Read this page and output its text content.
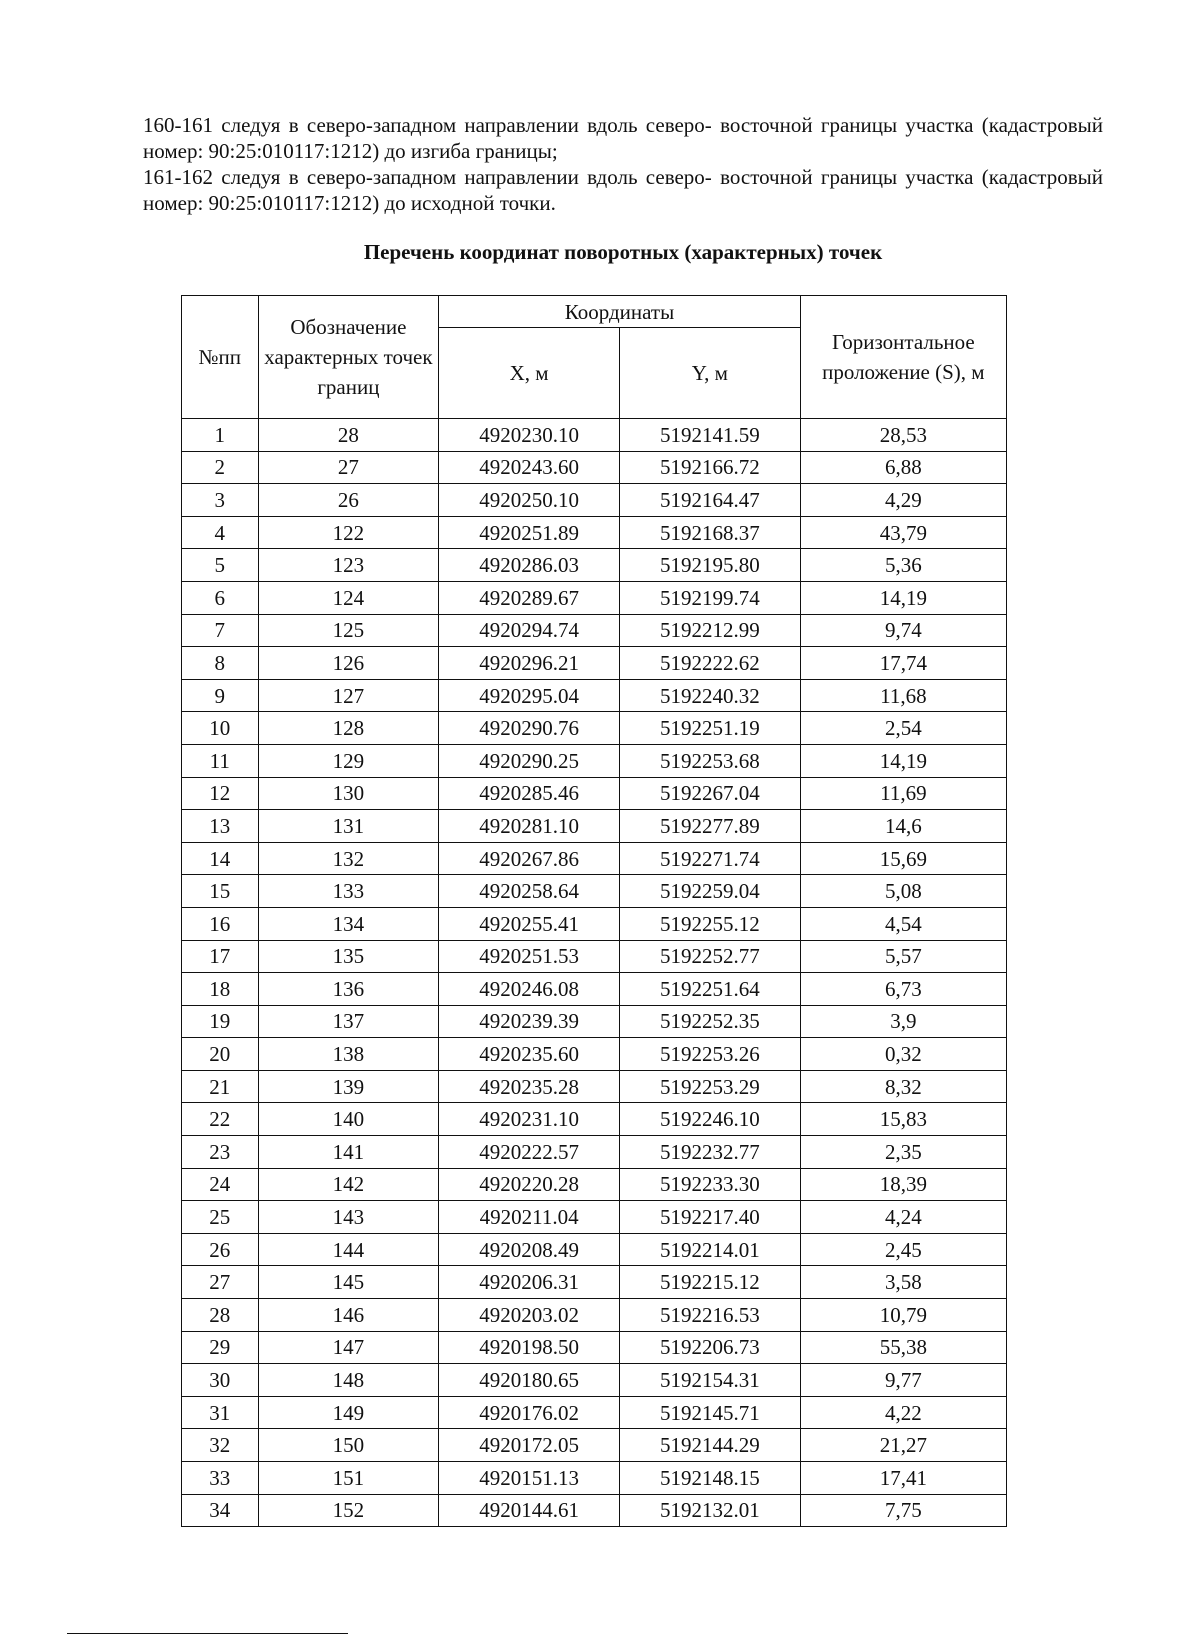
160-161 следуя в северо-западном направлении вдоль северо- восточной границы участка (кадастровый номер: 90:25:010117:1212) до изгиба границы;

161-162 следуя в северо-западном направлении вдоль северо- восточной границы участка (кадастровый номер: 90:25:010117:1212) до исходной точки.

Перечень координат поворотных (характерных) точек
№пп	Обозначение характерных точек границ	Координаты		Горизонтальное проложение (S), м
		X, м	Y, м	
1	28	4920230.10	5192141.59	28,53
2	27	4920243.60	5192166.72	6,88
3	26	4920250.10	5192164.47	4,29
4	122	4920251.89	5192168.37	43,79
5	123	4920286.03	5192195.80	5,36
6	124	4920289.67	5192199.74	14,19
7	125	4920294.74	5192212.99	9,74
8	126	4920296.21	5192222.62	17,74
9	127	4920295.04	5192240.32	11,68
10	128	4920290.76	5192251.19	2,54
11	129	4920290.25	5192253.68	14,19
12	130	4920285.46	5192267.04	11,69
13	131	4920281.10	5192277.89	14,6
14	132	4920267.86	5192271.74	15,69
15	133	4920258.64	5192259.04	5,08
16	134	4920255.41	5192255.12	4,54
17	135	4920251.53	5192252.77	5,57
18	136	4920246.08	5192251.64	6,73
19	137	4920239.39	5192252.35	3,9
20	138	4920235.60	5192253.26	0,32
21	139	4920235.28	5192253.29	8,32
22	140	4920231.10	5192246.10	15,83
23	141	4920222.57	5192232.77	2,35
24	142	4920220.28	5192233.30	18,39
25	143	4920211.04	5192217.40	4,24
26	144	4920208.49	5192214.01	2,45
27	145	4920206.31	5192215.12	3,58
28	146	4920203.02	5192216.53	10,79
29	147	4920198.50	5192206.73	55,38
30	148	4920180.65	5192154.31	9,77
31	149	4920176.02	5192145.71	4,22
32	150	4920172.05	5192144.29	21,27
33	151	4920151.13	5192148.15	17,41
34	152	4920144.61	5192132.01	7,75
